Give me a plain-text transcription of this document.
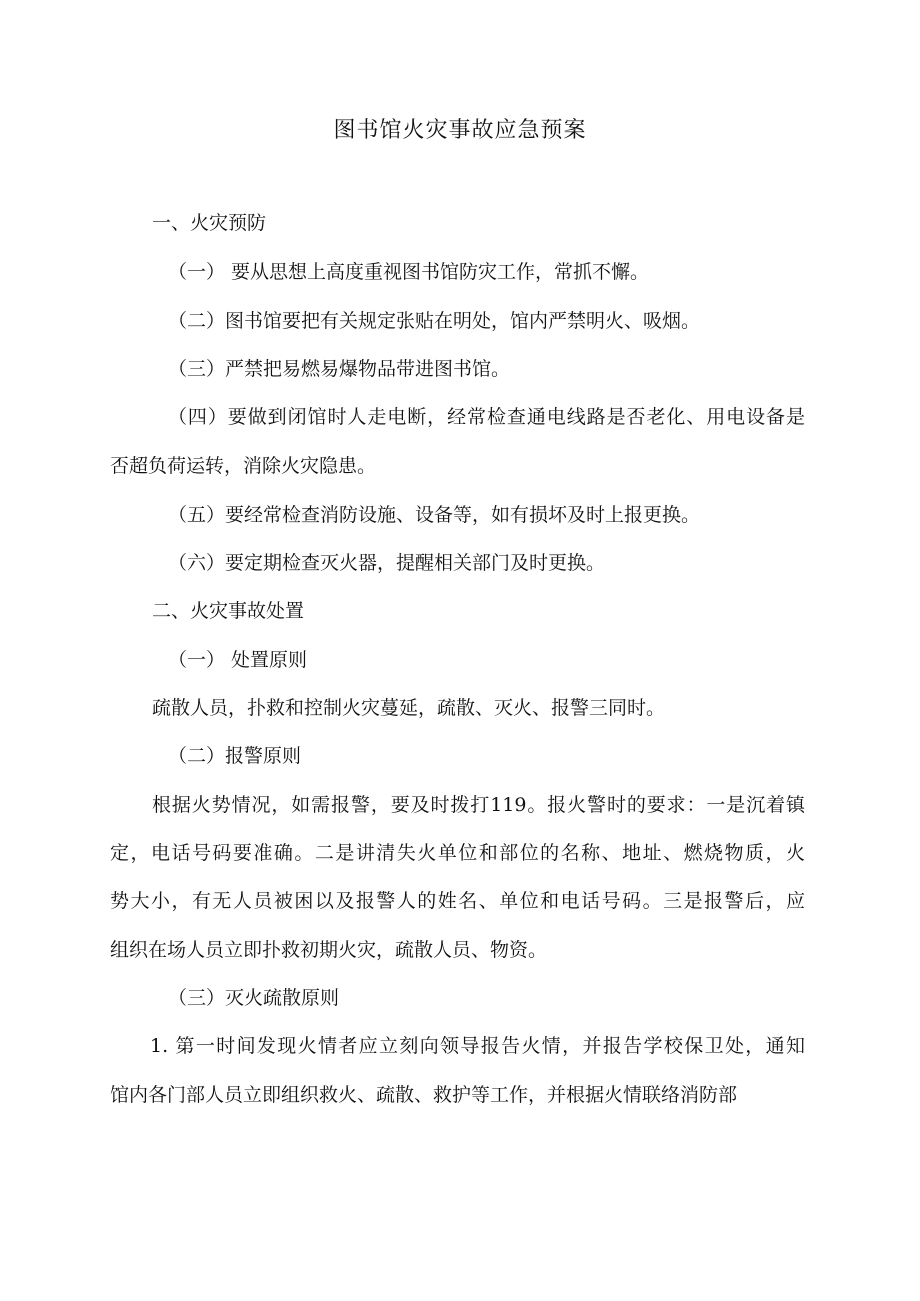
图书馆火灾事故应急预案
一、火灾预防
（一） 要从思想上高度重视图书馆防灾工作，常抓不懈。
（二）图书馆要把有关规定张贴在明处，馆内严禁明火、吸烟。
（三）严禁把易燃易爆物品带进图书馆。
（四）要做到闭馆时人走电断，经常检查通电线路是否老化、用电设备是
否超负荷运转，消除火灾隐患。
（五）要经常检查消防设施、设备等，如有损坏及时上报更换。
（六）要定期检查灭火器，提醒相关部门及时更换。
二、火灾事故处置
（一） 处置原则
疏散人员，扑救和控制火灾蔓延，疏散、灭火、报警三同时。
（二）报警原则
根据火势情况，如需报警，要及时拨打119。报火警时的要求：一是沉着镇
定，电话号码要准确。二是讲清失火单位和部位的名称、地址、燃烧物质，火
势大小，有无人员被困以及报警人的姓名、单位和电话号码。三是报警后，应
组织在场人员立即扑救初期火灾，疏散人员、物资。
（三）灭火疏散原则
1. 第一时间发现火情者应立刻向领导报告火情，并报告学校保卫处，通知
馆内各门部人员立即组织救火、疏散、救护等工作，并根据火情联络消防部
